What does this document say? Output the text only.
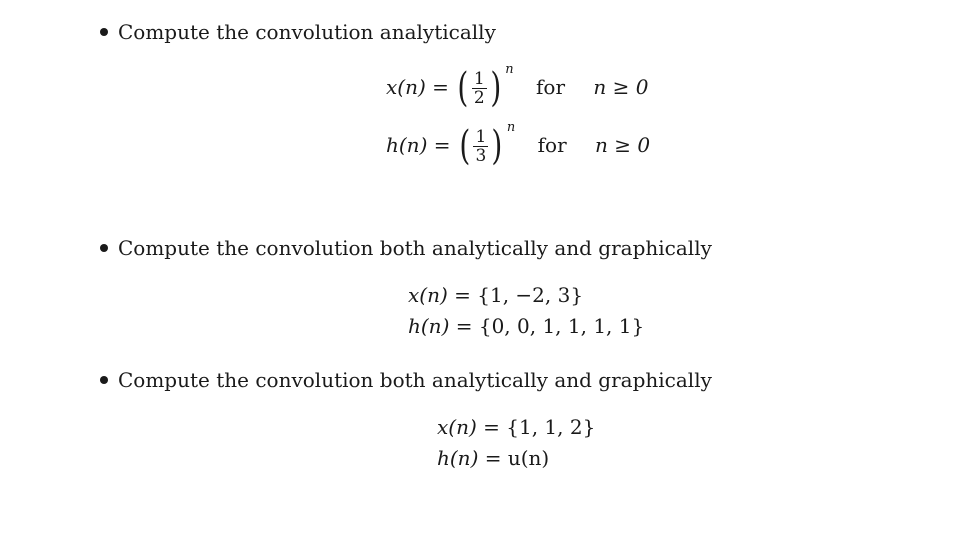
Compute the convolution analytically
x(n) = ( $\frac{1}{2}$ ) n
for n ≥ 0
h(n) = ( $\frac{1}{3}$ ) n
for n ≥ 0
Compute the convolution both analytically and graphically
x(n) = {1, −2, 3}
h(n) = {0, 0, 1, 1, 1, 1}
Compute the convolution both analytically and graphically
x(n) = {1, 1, 2}
h(n) = u(n)
